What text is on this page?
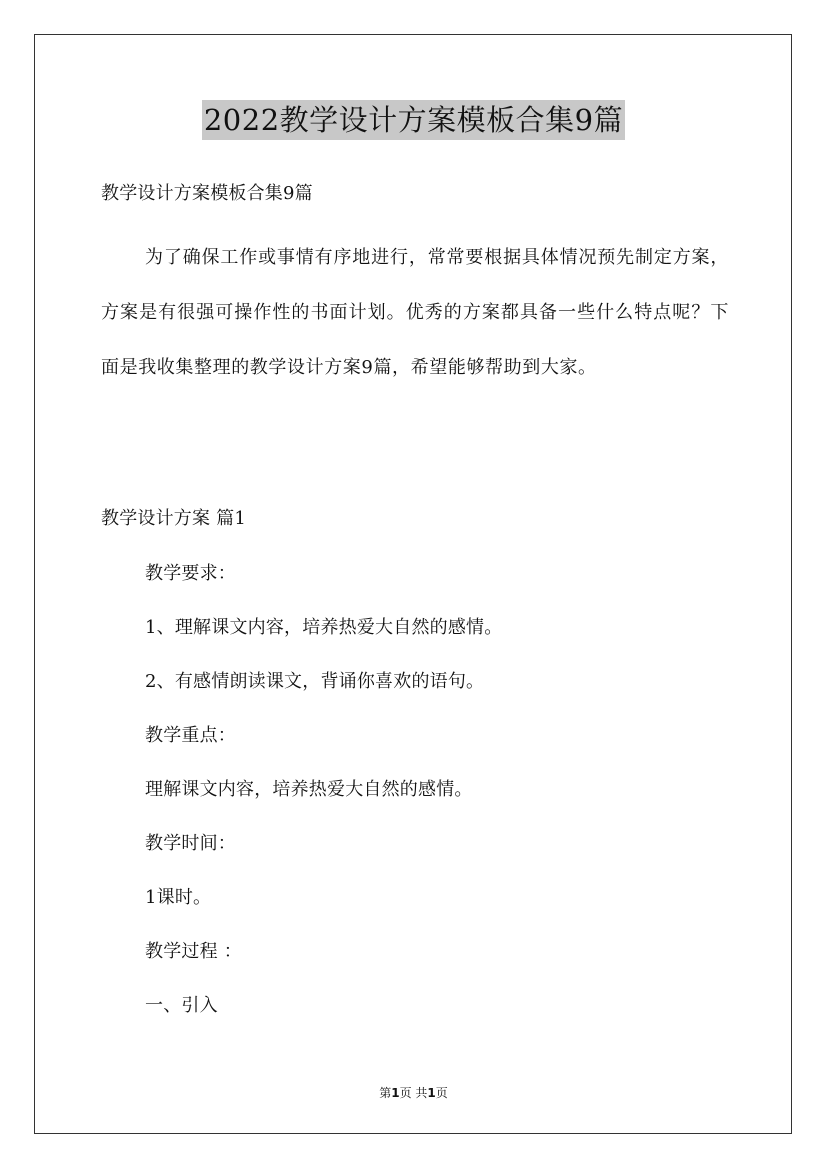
2022教学设计方案模板合集9篇
教学设计方案模板合集9篇
为了确保工作或事情有序地进行，常常要根据具体情况预先制定方案，方案是有很强可操作性的书面计划。优秀的方案都具备一些什么特点呢？下面是我收集整理的教学设计方案9篇，希望能够帮助到大家。
教学设计方案 篇1
教学要求：
1、理解课文内容，培养热爱大自然的感情。
2、有感情朗读课文，背诵你喜欢的语句。
教学重点：
理解课文内容，培养热爱大自然的感情。
教学时间：
1课时。
教学过程 ：
一、引入
第1页 共1页
